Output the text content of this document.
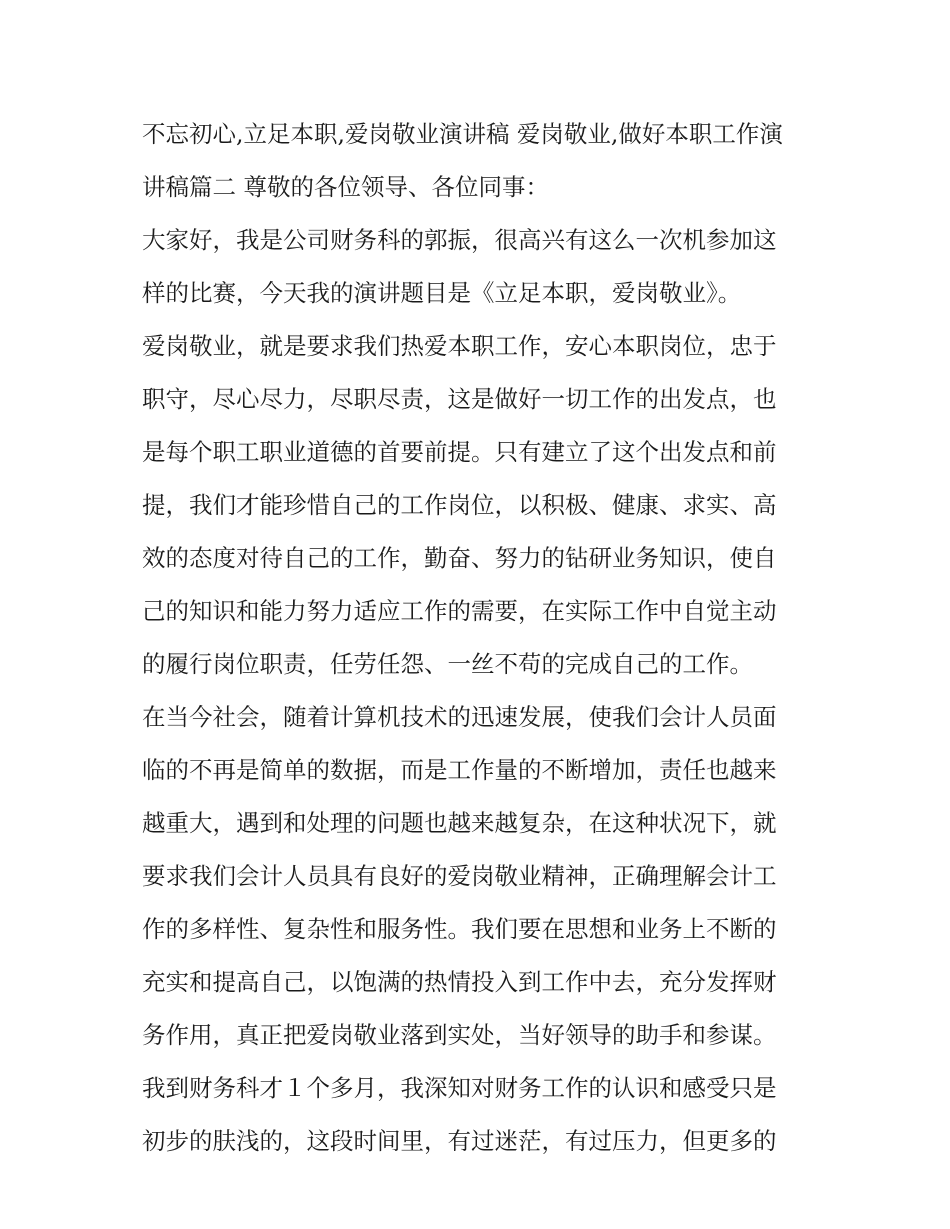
不忘初心,立足本职,爱岗敬业演讲稿 爱岗敬业,做好本职工作演
讲稿篇二 尊敬的各位领导、各位同事：
大家好，我是公司财务科的郭振，很高兴有这么一次机参加这
样的比赛，今天我的演讲题目是《立足本职，爱岗敬业》。
爱岗敬业，就是要求我们热爱本职工作，安心本职岗位，忠于
职守，尽心尽力，尽职尽责，这是做好一切工作的出发点，也
是每个职工职业道德的首要前提。只有建立了这个出发点和前
提，我们才能珍惜自己的工作岗位，以积极、健康、求实、高
效的态度对待自己的工作，勤奋、努力的钻研业务知识，使自
己的知识和能力努力适应工作的需要，在实际工作中自觉主动
的履行岗位职责，任劳任怨、一丝不苟的完成自己的工作。
在当今社会，随着计算机技术的迅速发展，使我们会计人员面
临的不再是简单的数据，而是工作量的不断增加，责任也越来
越重大，遇到和处理的问题也越来越复杂，在这种状况下，就
要求我们会计人员具有良好的爱岗敬业精神，正确理解会计工
作的多样性、复杂性和服务性。我们要在思想和业务上不断的
充实和提高自己，以饱满的热情投入到工作中去，充分发挥财
务作用，真正把爱岗敬业落到实处，当好领导的助手和参谋。
我到财务科才１个多月，我深知对财务工作的认识和感受只是
初步的肤浅的，这段时间里，有过迷茫，有过压力，但更多的
